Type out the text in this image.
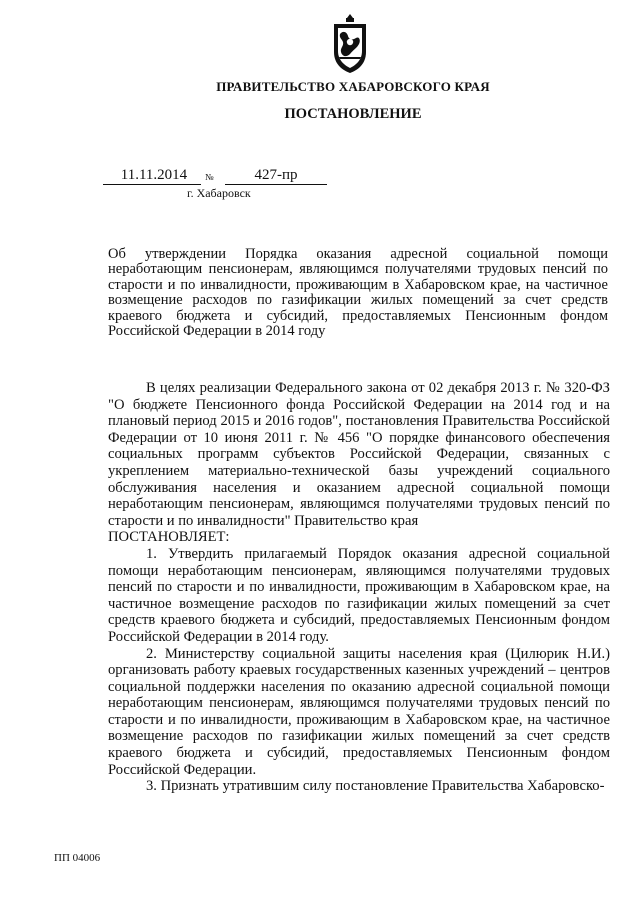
ПРАВИТЕЛЬСТВО ХАБАРОВСКОГО КРАЯ
ПОСТАНОВЛЕНИЕ
11.11.2014	№	427-пр
г. Хабаровск
Об утверждении Порядка оказания адресной социальной помощи неработающим пенсионерам, являющимся получателями трудовых пенсий по старости и по инвалидности, проживающим в Хабаровском крае, на частичное возмещение расходов по газификации жилых помещений за счет средств краевого бюджета и субсидий, предоставляемых Пенсионным фондом Российской Федерации в 2014 году

В целях реализации Федерального закона от 02 декабря 2013 г. № 320-ФЗ "О бюджете Пенсионного фонда Российской Федерации на 2014 год и на плановый период 2015 и 2016 годов", постановления Правительства Российской Федерации от 10 июня 2011 г. № 456 "О порядке финансового обеспечения социальных программ субъектов Российской Федерации, связанных с укреплением материально-технической базы учреждений социального обслуживания населения и оказанием адресной социальной помощи неработающим пенсионерам, являющимся получателями трудовых пенсий по старости и по инвалидности" Правительство края

ПОСТАНОВЛЯЕТ:

1. Утвердить прилагаемый Порядок оказания адресной социальной помощи неработающим пенсионерам, являющимся получателями трудовых пенсий по старости и по инвалидности, проживающим в Хабаровском крае, на частичное возмещение расходов по газификации жилых помещений за счет средств краевого бюджета и субсидий, предоставляемых Пенсионным фондом Российской Федерации в 2014 году.

2. Министерству социальной защиты населения края (Цилюрик Н.И.) организовать работу краевых государственных казенных учреждений – центров социальной поддержки населения по оказанию адресной социальной помощи неработающим пенсионерам, являющимся получателями трудовых пенсий по старости и по инвалидности, проживающим в Хабаровском крае, на частичное возмещение расходов по газификации жилых помещений за счет средств краевого бюджета и субсидий, предоставляемых Пенсионным фондом Российской Федерации.

3. Признать утратившим силу постановление Правительства Хабаровско-

ПП 04006
